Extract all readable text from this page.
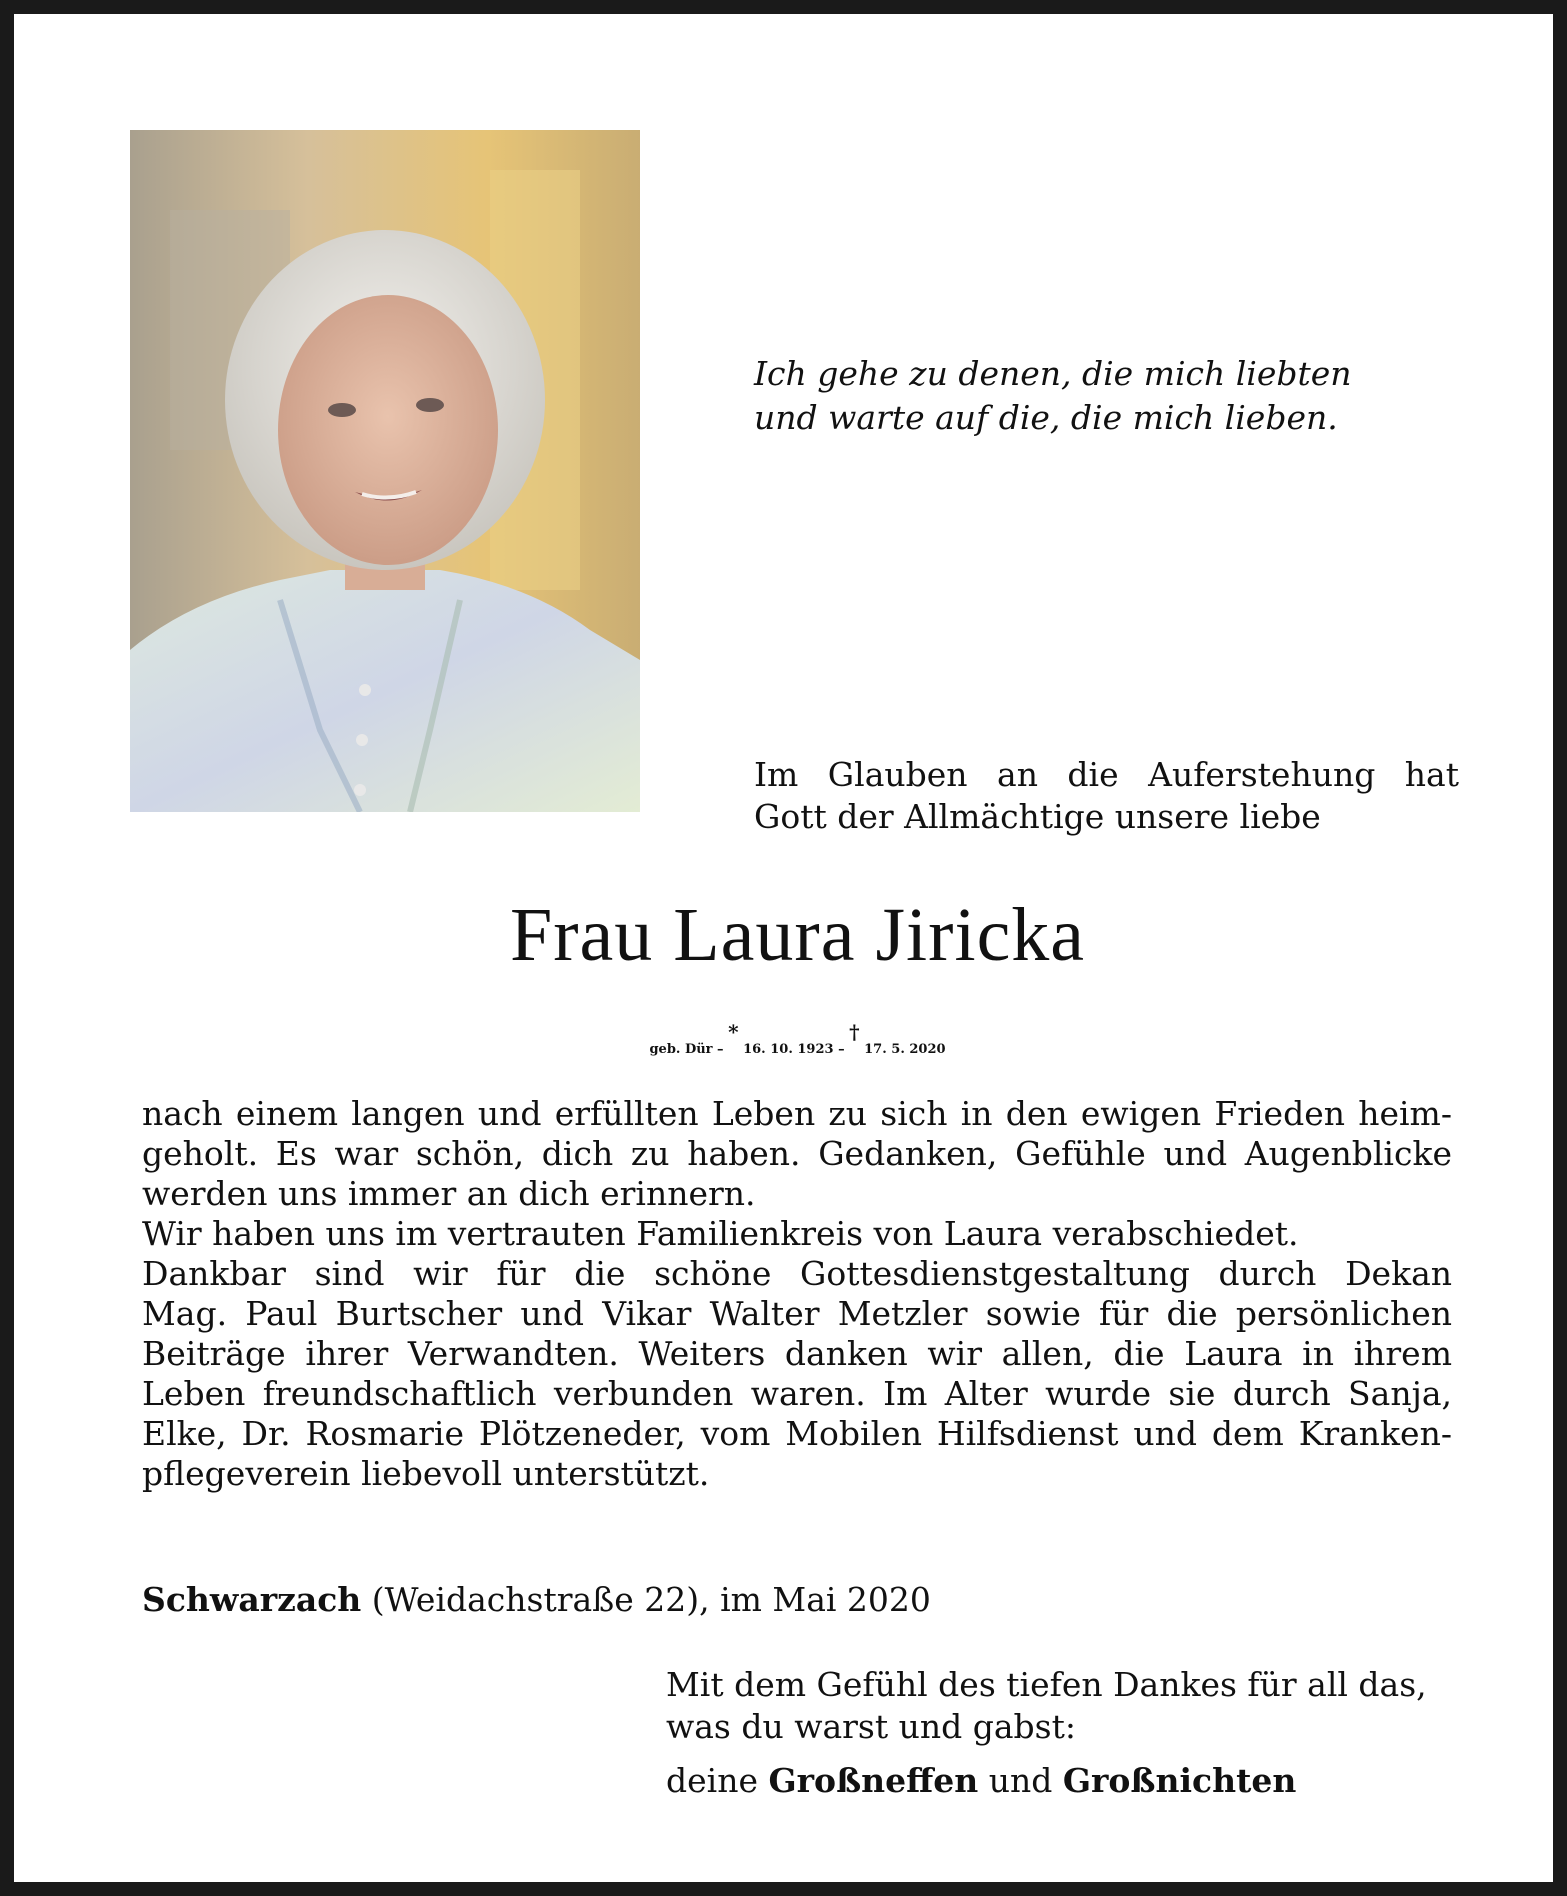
Ich gehe zu denen, die mich liebten
und warte auf die, die mich lieben.
Im Glauben an die Auferstehung hat
Gott der Allmächtige unsere liebe
Frau Laura Jiricka
geb. Dür – * 16. 10. 1923 – † 17. 5. 2020
nach einem langen und erfüllten Leben zu sich in den ewigen Frieden heim-
geholt. Es war schön, dich zu haben. Gedanken, Gefühle und Augenblicke
werden uns immer an dich erinnern.
Wir haben uns im vertrauten Familienkreis von Laura verabschiedet.
Dankbar sind wir für die schöne Gottesdienstgestaltung durch Dekan
Mag. Paul Burtscher und Vikar Walter Metzler sowie für die persönlichen
Beiträge ihrer Verwandten. Weiters danken wir allen, die Laura in ihrem
Leben freundschaftlich verbunden waren. Im Alter wurde sie durch Sanja,
Elke, Dr. Rosmarie Plötzeneder, vom Mobilen Hilfsdienst und dem Kranken-
pflegeverein liebevoll unterstützt.
Schwarzach (Weidachstraße 22), im Mai 2020
Mit dem Gefühl des tiefen Dankes für all das,
was du warst und gabst:
deine Großneffen und Großnichten
